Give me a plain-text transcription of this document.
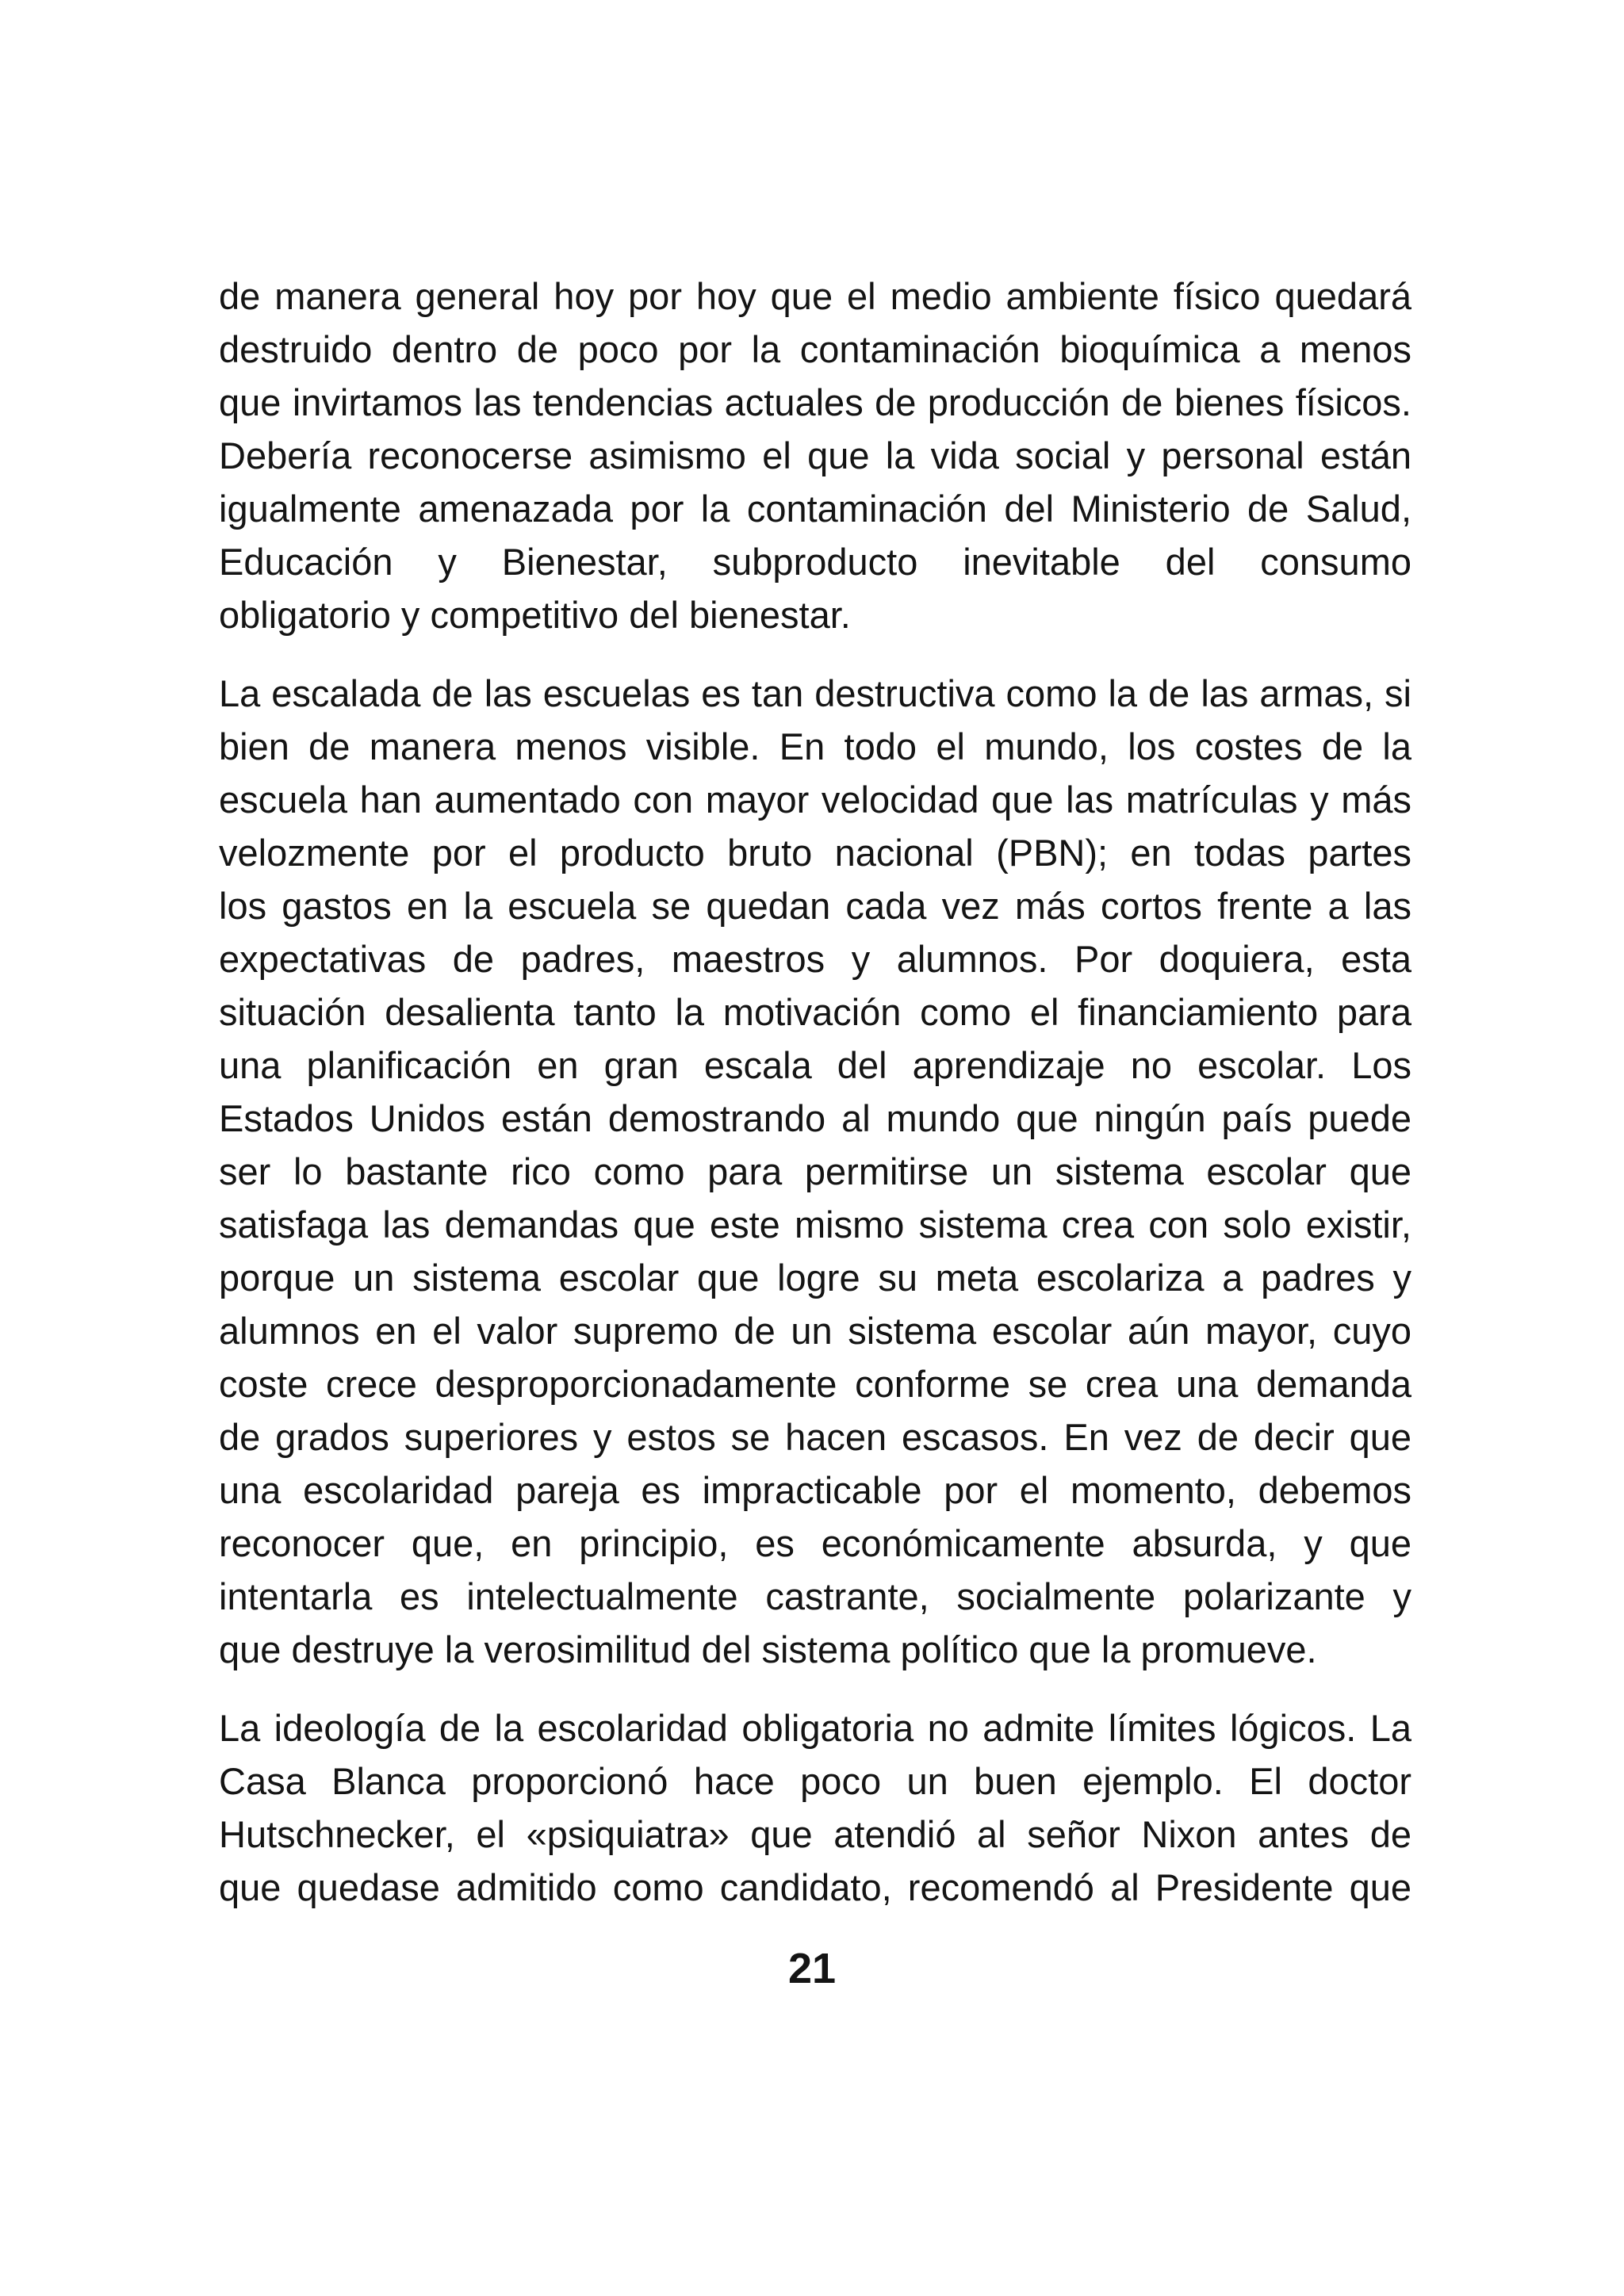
de manera general hoy por hoy que el medio ambiente físico quedará
destruido dentro de poco por la contaminación bioquímica a menos
que invirtamos las tendencias actuales de producción de bienes físicos.
Debería reconocerse asimismo el que la vida social y personal están
igualmente amenazada por la contaminación del Ministerio de Salud,
Educación y Bienestar, subproducto inevitable del consumo
obligatorio y competitivo del bienestar.

La escalada de las escuelas es tan destructiva como la de las armas, si
bien de manera menos visible. En todo el mundo, los costes de la
escuela han aumentado con mayor velocidad que las matrículas y más
velozmente por el producto bruto nacional (PBN); en todas partes
los gastos en la escuela se quedan cada vez más cortos frente a las
expectativas de padres, maestros y alumnos. Por doquiera, esta
situación desalienta tanto la motivación como el financiamiento para
una planificación en gran escala del aprendizaje no escolar. Los
Estados Unidos están demostrando al mundo que ningún país puede
ser lo bastante rico como para permitirse un sistema escolar que
satisfaga las demandas que este mismo sistema crea con solo existir,
porque un sistema escolar que logre su meta escolariza a padres y
alumnos en el valor supremo de un sistema escolar aún mayor, cuyo
coste crece desproporcionadamente conforme se crea una demanda
de grados superiores y estos se hacen escasos. En vez de decir que
una escolaridad pareja es impracticable por el momento, debemos
reconocer que, en principio, es económicamente absurda, y que
intentarla es intelectualmente castrante, socialmente polarizante y
que destruye la verosimilitud del sistema político que la promueve.

La ideología de la escolaridad obligatoria no admite límites lógicos. La
Casa Blanca proporcionó hace poco un buen ejemplo. El doctor
Hutschnecker, el «psiquiatra» que atendió al señor Nixon antes de
que quedase admitido como candidato, recomendó al Presidente que

21
